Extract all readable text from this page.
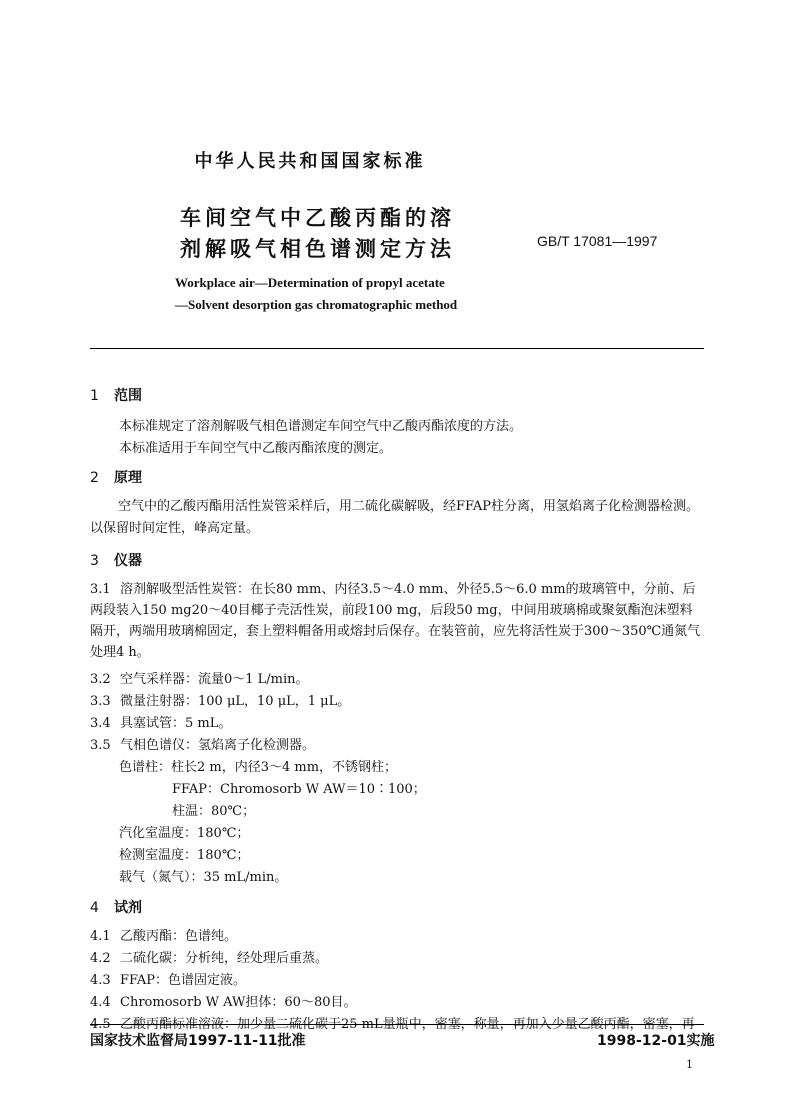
中华人民共和国国家标准
车间空气中乙酸丙酯的溶
剂解吸气相色谱测定方法	GB/T 17081—1997
Workplace air—Determination of propyl acetate
—Solvent desorption gas chromatographic method
1 范围
本标准规定了溶剂解吸气相色谱测定车间空气中乙酸丙酯浓度的方法。
本标准适用于车间空气中乙酸丙酯浓度的测定。
2 原理
空气中的乙酸丙酯用活性炭管采样后，用二硫化碳解吸，经FFAP柱分离，用氢焰离子化检测器检测。以保留时间定性，峰高定量。
3 仪器
3.1 溶剂解吸型活性炭管：在长80 mm、内径3.5～4.0 mm、外径5.5～6.0 mm的玻璃管中，分前、后两段装入150 mg20～40目椰子壳活性炭，前段100 mg，后段50 mg，中间用玻璃棉或聚氨酯泡沫塑料隔开，两端用玻璃棉固定，套上塑料帽备用或熔封后保存。在装管前，应先将活性炭于300～350℃通氮气处理4 h。
3.2 空气采样器：流量0～1 L/min。
3.3 微量注射器：100 μL，10 μL，1 μL。
3.4 具塞试管：5 mL。
3.5 气相色谱仪：氢焰离子化检测器。
色谱柱：柱长2 m，内径3～4 mm，不锈钢柱；
FFAP：Chromosorb W AW＝10∶100；
柱温：80℃；
汽化室温度：180℃；
检测室温度：180℃；
载气（氮气）：35 mL/min。
4 试剂
4.1 乙酸丙酯：色谱纯。
4.2 二硫化碳：分析纯，经处理后重蒸。
4.3 FFAP：色谱固定液。
4.4 Chromosorb W AW担体：60～80目。
4.5 乙酸丙酯标准溶液：加少量二硫化碳于25 mL量瓶中，密塞，称量，再加入少量乙酸丙酯，密塞，再
国家技术监督局1997-11-11批准	1998-12-01实施
1
